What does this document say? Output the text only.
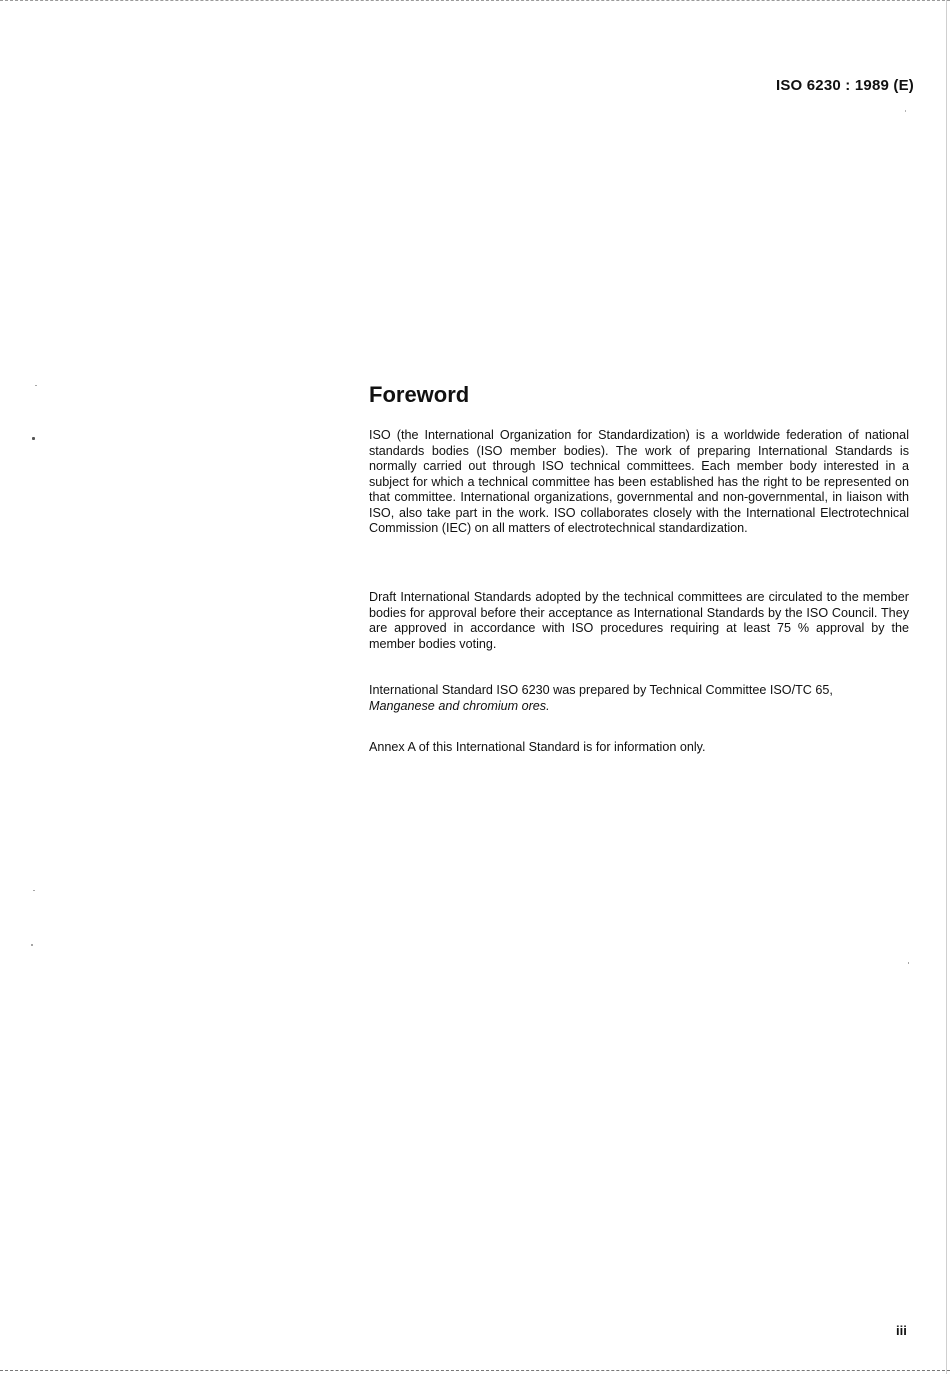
ISO 6230 : 1989 (E)
Foreword

ISO (the International Organization for Standardization) is a worldwide federation of national standards bodies (ISO member bodies). The work of preparing International Standards is normally carried out through ISO technical committees. Each member body interested in a subject for which a technical committee has been established has the right to be represented on that committee. International organizations, governmental and non-governmental, in liaison with ISO, also take part in the work. ISO collaborates closely with the International Electrotechnical Commission (IEC) on all matters of electrotechnical standardization.

Draft International Standards adopted by the technical committees are circulated to the member bodies for approval before their acceptance as International Standards by the ISO Council. They are approved in accordance with ISO procedures requiring at least 75 % approval by the member bodies voting.

International Standard ISO 6230 was prepared by Technical Committee ISO/TC 65,
Manganese and chromium ores.

Annex A of this International Standard is for information only.

iii
